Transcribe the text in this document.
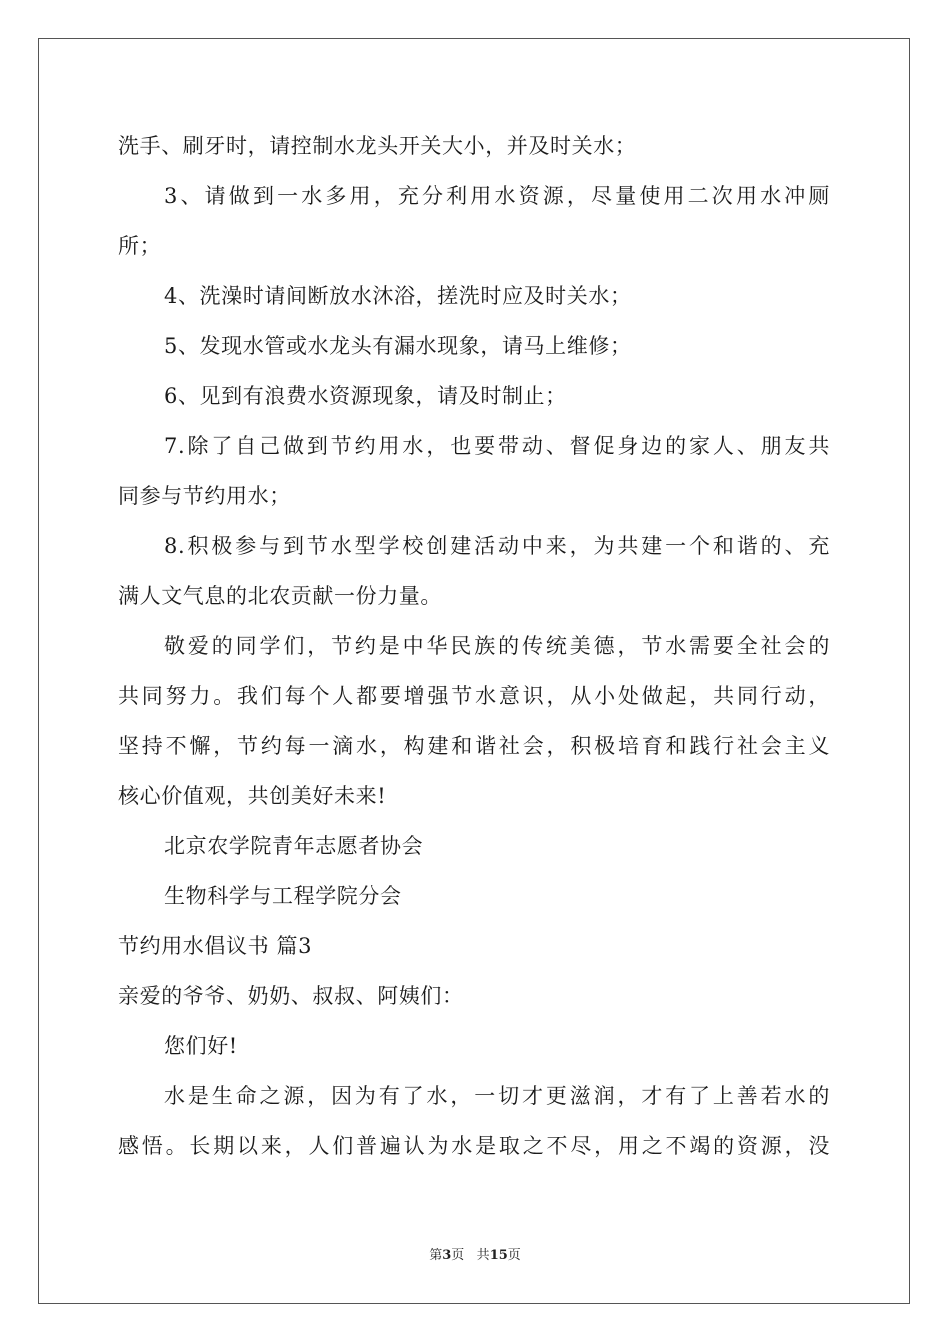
洗手、刷牙时，请控制水龙头开关大小，并及时关水；
3、请做到一水多用，充分利用水资源，尽量使用二次用水冲厕
所；
4、洗澡时请间断放水沐浴，搓洗时应及时关水；
5、发现水管或水龙头有漏水现象，请马上维修；
6、见到有浪费水资源现象，请及时制止；
7.除了自己做到节约用水，也要带动、督促身边的家人、朋友共
同参与节约用水；
8.积极参与到节水型学校创建活动中来，为共建一个和谐的、充
满人文气息的北农贡献一份力量。
敬爱的同学们，节约是中华民族的传统美德，节水需要全社会的
共同努力。我们每个人都要增强节水意识，从小处做起，共同行动，
坚持不懈，节约每一滴水，构建和谐社会，积极培育和践行社会主义
核心价值观，共创美好未来!
北京农学院青年志愿者协会
生物科学与工程学院分会
节约用水倡议书 篇3
亲爱的爷爷、奶奶、叔叔、阿姨们：
您们好!
水是生命之源，因为有了水，一切才更滋润，才有了上善若水的
感悟。长期以来，人们普遍认为水是取之不尽，用之不竭的资源，没
第3页 共15页
